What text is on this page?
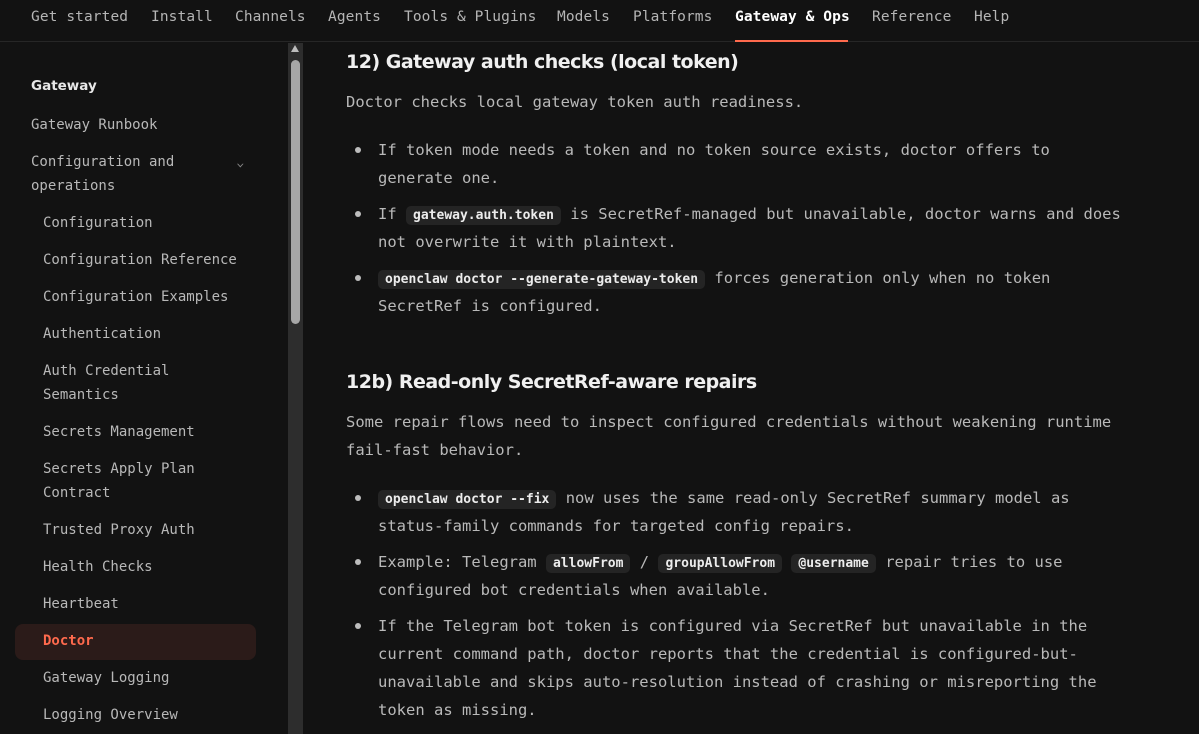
Get started Install Channels Agents Tools & Plugins Models Platforms Gateway & Ops Reference Help
Gateway
Gateway Runbook
Configuration and
operations
⌄
Configuration
Configuration Reference
Configuration Examples
Authentication
Auth Credential
Semantics
Secrets Management
Secrets Apply Plan
Contract
Trusted Proxy Auth
Health Checks
Heartbeat
Doctor
Gateway Logging
Logging Overview
12) Gateway auth checks (local token)
Doctor checks local gateway token auth readiness.
If token mode needs a token and no token source exists, doctor offers to
generate one.
If gateway.auth.token is SecretRef-managed but unavailable, doctor warns and does
not overwrite it with plaintext.
openclaw doctor --generate-gateway-token forces generation only when no token
SecretRef is configured.
12b) Read-only SecretRef-aware repairs
Some repair flows need to inspect configured credentials without weakening runtime
fail-fast behavior.
openclaw doctor --fix now uses the same read-only SecretRef summary model as
status-family commands for targeted config repairs.
Example: Telegram allowFrom / groupAllowFrom @username repair tries to use
configured bot credentials when available.
If the Telegram bot token is configured via SecretRef but unavailable in the
current command path, doctor reports that the credential is configured-but-
unavailable and skips auto-resolution instead of crashing or misreporting the
token as missing.
